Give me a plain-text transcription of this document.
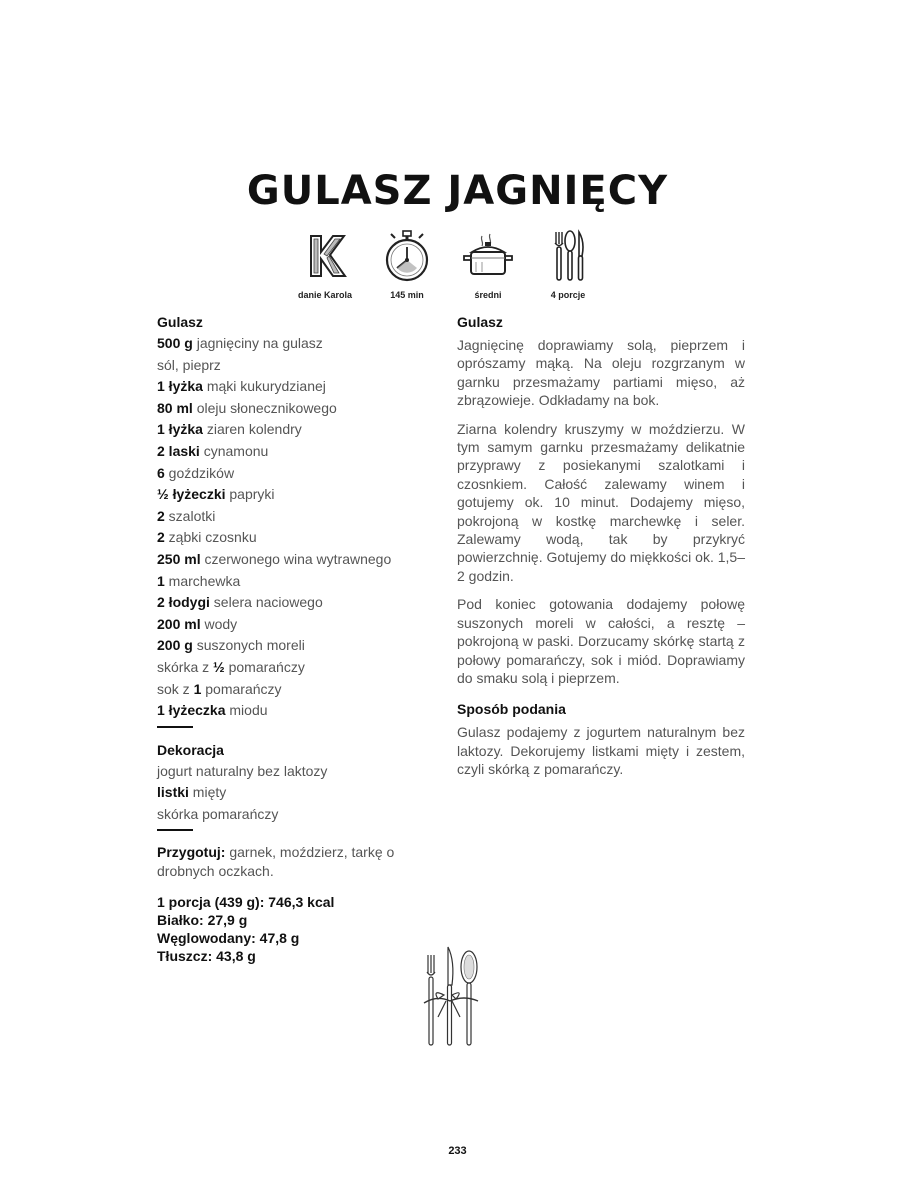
GULASZ JAGNIĘCY
danie Karola	145 min	średni	4 porcje

Gulasz

500 g jagnięciny na gulasz
sól, pieprz
1 łyżka mąki kukurydzianej
80 ml oleju słonecznikowego
1 łyżka ziaren kolendry
2 laski cynamonu
6 goździków
½ łyżeczki papryki
2 szalotki
2 ząbki czosnku
250 ml czerwonego wina wytrawnego
1 marchewka
2 łodygi selera naciowego
200 ml wody
200 g suszonych moreli
skórka z ½ pomarańczy
sok z 1 pomarańczy
1 łyżeczka miodu

Dekoracja

jogurt naturalny bez laktozy
listki mięty
skórka pomarańczy

Przygotuj: garnek, moździerz, tarkę o drobnych oczkach.

1 porcja (439 g): 746,3 kcal

Białko: 27,9 g

Węglowodany: 47,8 g

Tłuszcz: 43,8 g

Gulasz

Jagnięcinę doprawiamy solą, pieprzem i oprószamy mąką. Na oleju rozgrzanym w garnku przesmażamy partiami mięso, aż zbrązowieje. Odkładamy na bok.

Ziarna kolendry kruszymy w moździerzu. W tym samym garnku przesmażamy delikatnie przyprawy z posiekanymi szalotkami i czosnkiem. Całość zalewamy winem i gotujemy ok. 10 minut. Dodajemy mięso, pokrojoną w kostkę marchewkę i seler. Zalewamy wodą, tak by przykryć powierzchnię. Gotujemy do miękkości ok. 1,5–2 godzin.

Pod koniec gotowania dodajemy połowę suszonych moreli w całości, a resztę – pokrojoną w paski. Dorzucamy skórkę startą z połowy pomarańczy, sok i miód. Doprawiamy do smaku solą i pieprzem.

Sposób podania

Gulasz podajemy z jogurtem naturalnym bez laktozy. Dekorujemy listkami mięty i zestem, czyli skórką z pomarańczy.

233
